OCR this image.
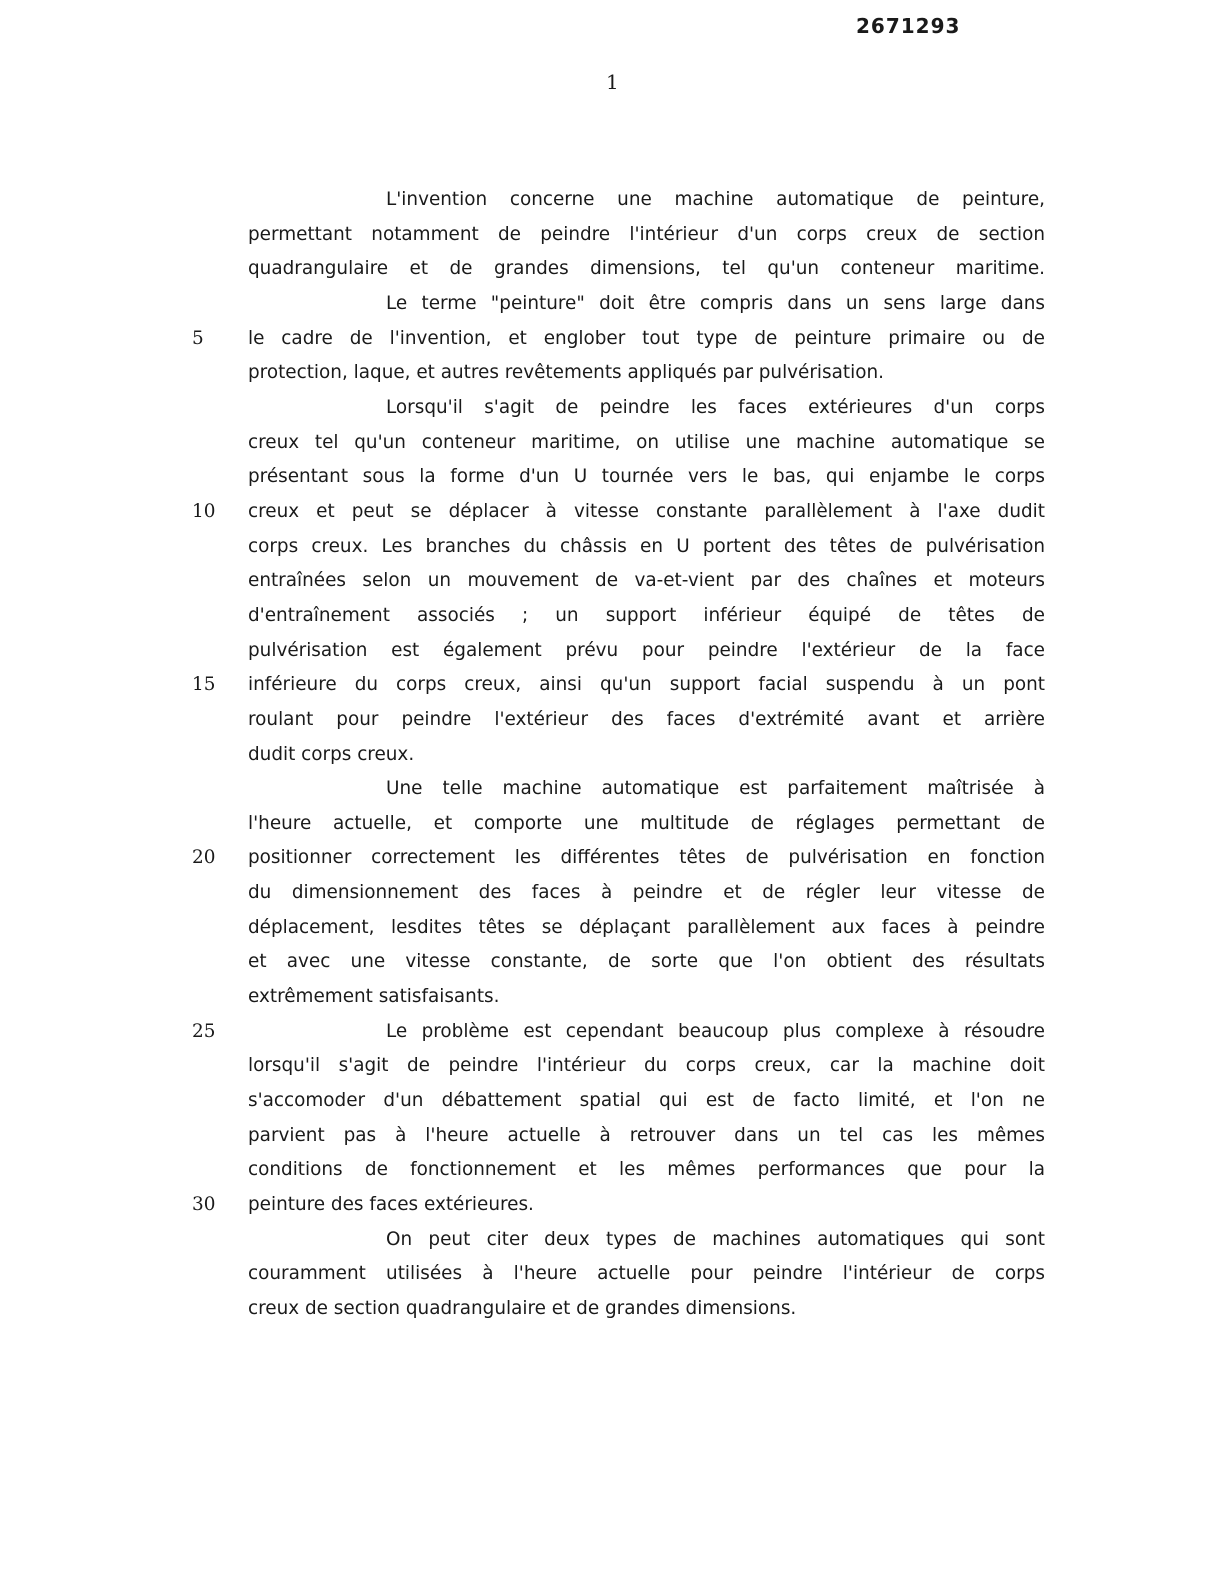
2671293
1
L'invention concerne une machine automatique de peinture,
permettant notamment de peindre l'intérieur d'un corps creux de section
quadrangulaire et de grandes dimensions, tel qu'un conteneur maritime.
Le terme "peinture" doit être compris dans un sens large dans
5 le cadre de l'invention, et englober tout type de peinture primaire ou de
protection, laque, et autres revêtements appliqués par pulvérisation.
Lorsqu'il s'agit de peindre les faces extérieures d'un corps
creux tel qu'un conteneur maritime, on utilise une machine automatique se
présentant sous la forme d'un U tournée vers le bas, qui enjambe le corps
10 creux et peut se déplacer à vitesse constante parallèlement à l'axe dudit
corps creux. Les branches du châssis en U portent des têtes de pulvérisation
entraînées selon un mouvement de va-et-vient par des chaînes et moteurs
d'entraînement associés ; un support inférieur équipé de têtes de
pulvérisation est également prévu pour peindre l'extérieur de la face
15 inférieure du corps creux, ainsi qu'un support facial suspendu à un pont
roulant pour peindre l'extérieur des faces d'extrémité avant et arrière
dudit corps creux.
Une telle machine automatique est parfaitement maîtrisée à
l'heure actuelle, et comporte une multitude de réglages permettant de
20 positionner correctement les différentes têtes de pulvérisation en fonction
du dimensionnement des faces à peindre et de régler leur vitesse de
déplacement, lesdites têtes se déplaçant parallèlement aux faces à peindre
et avec une vitesse constante, de sorte que l'on obtient des résultats
extrêmement satisfaisants.
25	Le problème est cependant beaucoup plus complexe à résoudre
lorsqu'il s'agit de peindre l'intérieur du corps creux, car la machine doit
s'accomoder d'un débattement spatial qui est de facto limité, et l'on ne
parvient pas à l'heure actuelle à retrouver dans un tel cas les mêmes
conditions de fonctionnement et les mêmes performances que pour la
30 peinture des faces extérieures.
On peut citer deux types de machines automatiques qui sont
couramment utilisées à l'heure actuelle pour peindre l'intérieur de corps
creux de section quadrangulaire et de grandes dimensions.
